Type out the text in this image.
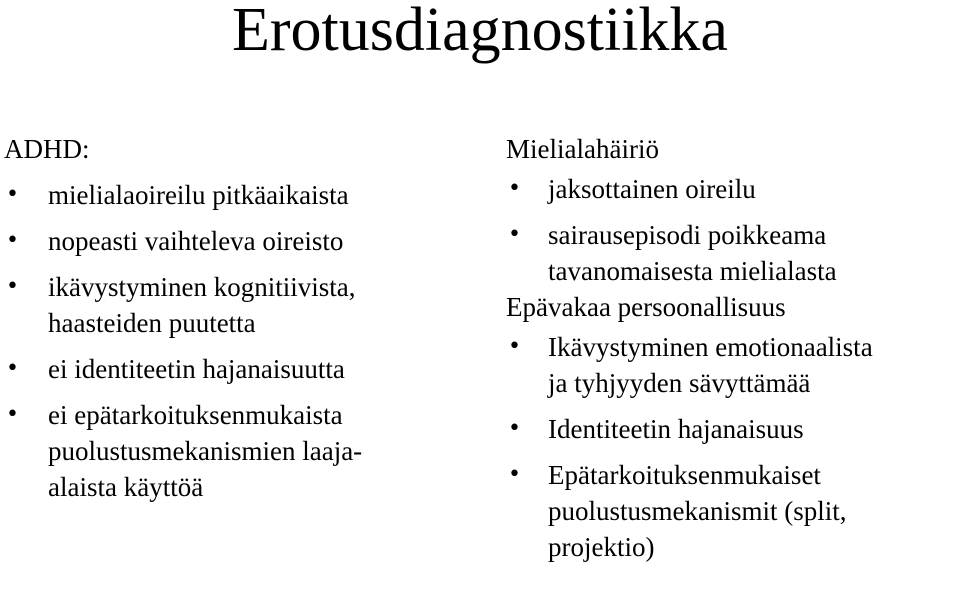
Erotusdiagnostiikka
ADHD:
• mielialaoireilu pitkäaikaista
• nopeasti vaihteleva oireisto
• ikävystyminen kognitiivista,
haasteiden puutetta
• ei identiteetin hajanaisuutta
• ei epätarkoituksenmukaista
puolustusmekanismien laaja-
alaista käyttöä
Mielialahäiriö
• jaksottainen oireilu
• sairausepisodi poikkeama
tavanomaisesta mielialasta
Epävakaa persoonallisuus
• Ikävystyminen emotionaalista
ja tyhjyyden sävyttämää
• Identiteetin hajanaisuus
• Epätarkoituksenmukaiset
puolustusmekanismit (split,
projektio)
